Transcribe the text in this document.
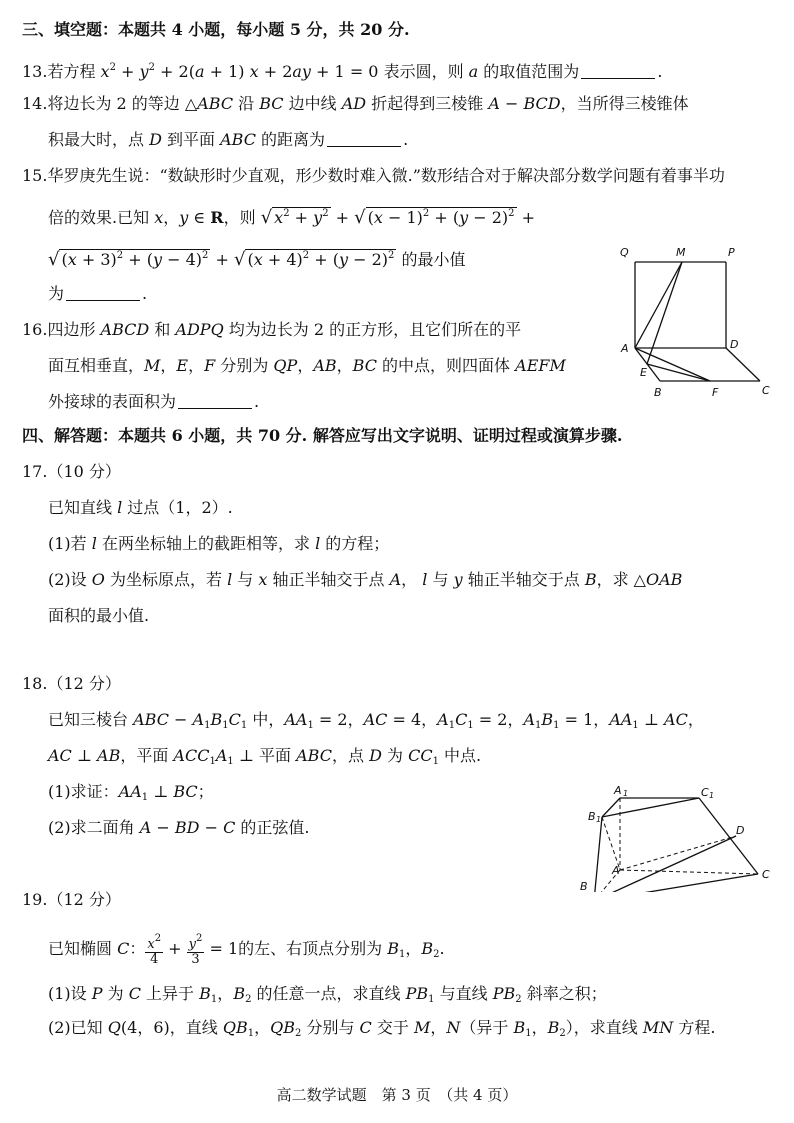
三、填空题：本题共 4 小题，每小题 5 分，共 20 分.
13.若方程 $x^2 + y^2 + 2(a + 1) x + 2ay + 1 = 0$ 表示圆，则 a 的取值范围为	.
14.将边长为 2 的等边 △ABC 沿 BC 边中线 AD 折起得到三棱锥 A − BCD，当所得三棱锥体
积最大时，点 D 到平面 ABC 的距离为	.
15.华罗庚先生说：“数缺形时少直观，形少数时难入微.”数形结合对于解决部分数学问题有着事半功
倍的效果.已知 x，y ∈ R，则 √ $x^2 + y^2$ + √ $(x - 1)^2 + (y - 2)^2$ +
√ $(x + 3)^2 + (y - 4)^2$ + √ $(x + 4)^2 + (y - 2)^2$ 的最小值
为	.
16.四边形 ABCD 和 ADPQ 均为边长为 2 的正方形，且它们所在的平
面互相垂直，M，E，F 分别为 QP，AB，BC 的中点，则四面体 AEFM
外接球的表面积为	.
Q	M	P
A	D
E
B	F	C
四、解答题：本题共 6 小题，共 70 分. 解答应写出文字说明、证明过程或演算步骤.
17.（10 分）
已知直线 l 过点（1，2）.
(1)若 l 在两坐标轴上的截距相等，求 l 的方程；
(2)设 O 为坐标原点，若 l 与 x 轴正半轴交于点 A， l 与 y 轴正半轴交于点 B，求 △OAB
面积的最小值.
18.（12 分）
已知三棱台 ABC − $A_1B_1C_1$ 中，$AA_1 = 2$，AC = 4，$A_1C_1 = 2$，$A_1B_1 = 1$，$AA_1$ ⊥ AC，
AC ⊥ AB，平面 $ACC_1A_1$ ⊥ 平面 ABC，点 D 为 $CC_1$ 中点.
(1)求证：$AA_1$ ⊥ BC；
(2)求二面角 A − BD − C 的正弦值.
A 1	C 1
B 1
D
A	C
B
19.（12 分）
已知椭圆 C： $\frac{x^2}{4} + \frac{y^2}{3} = 1$的左、右顶点分别为 $B_1$，$B_2$.
(1)设 P 为 C 上异于 $B_1$，$B_2$ 的任意一点，求直线 $PB_1$ 与直线 $PB_2$ 斜率之积；
(2)已知 Q(4，6)，直线 $QB_1$，$QB_2$ 分别与 C 交于 M，N（异于 $B_1$，$B_2$），求直线 MN 方程.
高二数学试题　第 3 页　（共 4 页）
